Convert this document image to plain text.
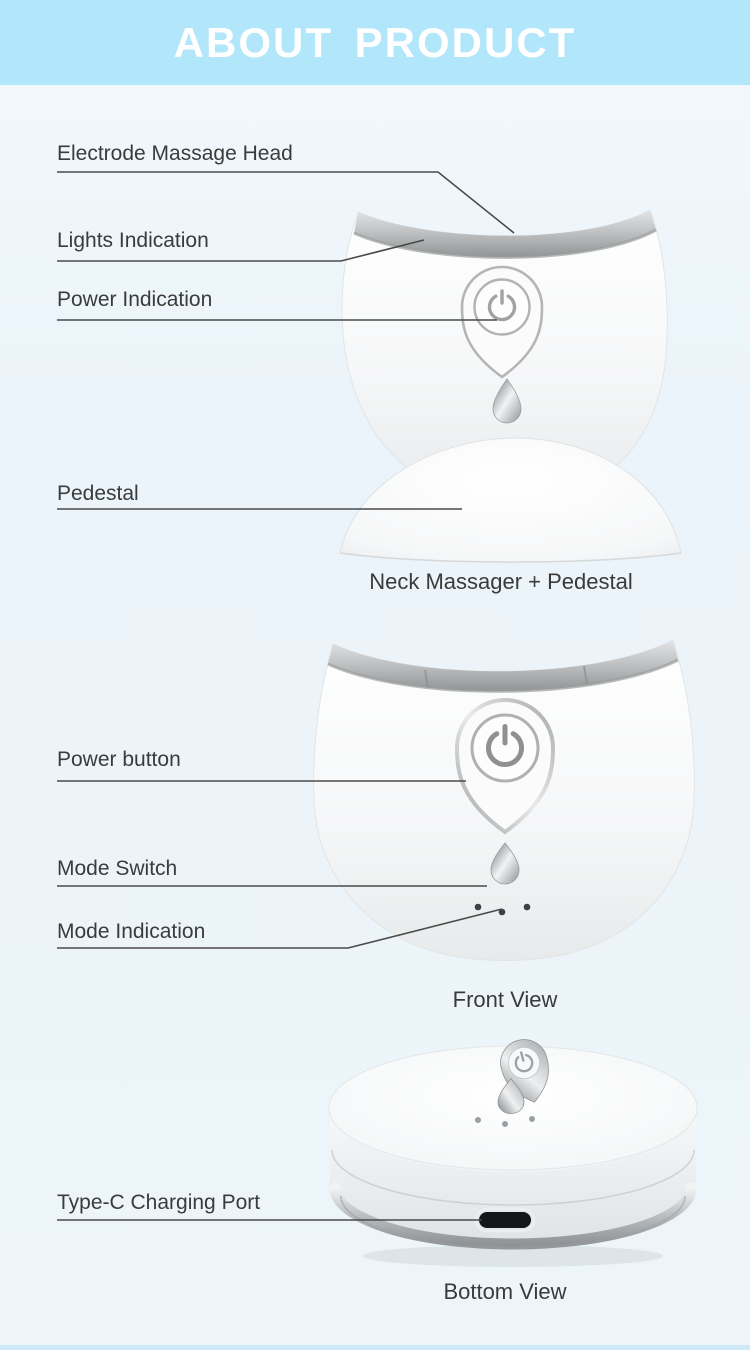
ABOUT PRODUCT
Electrode Massage Head
Lights Indication
Power Indication
Pedestal
Power button
Mode Switch
Mode Indication
Type-C Charging Port
Neck Massager + Pedestal
Front View
Bottom View
